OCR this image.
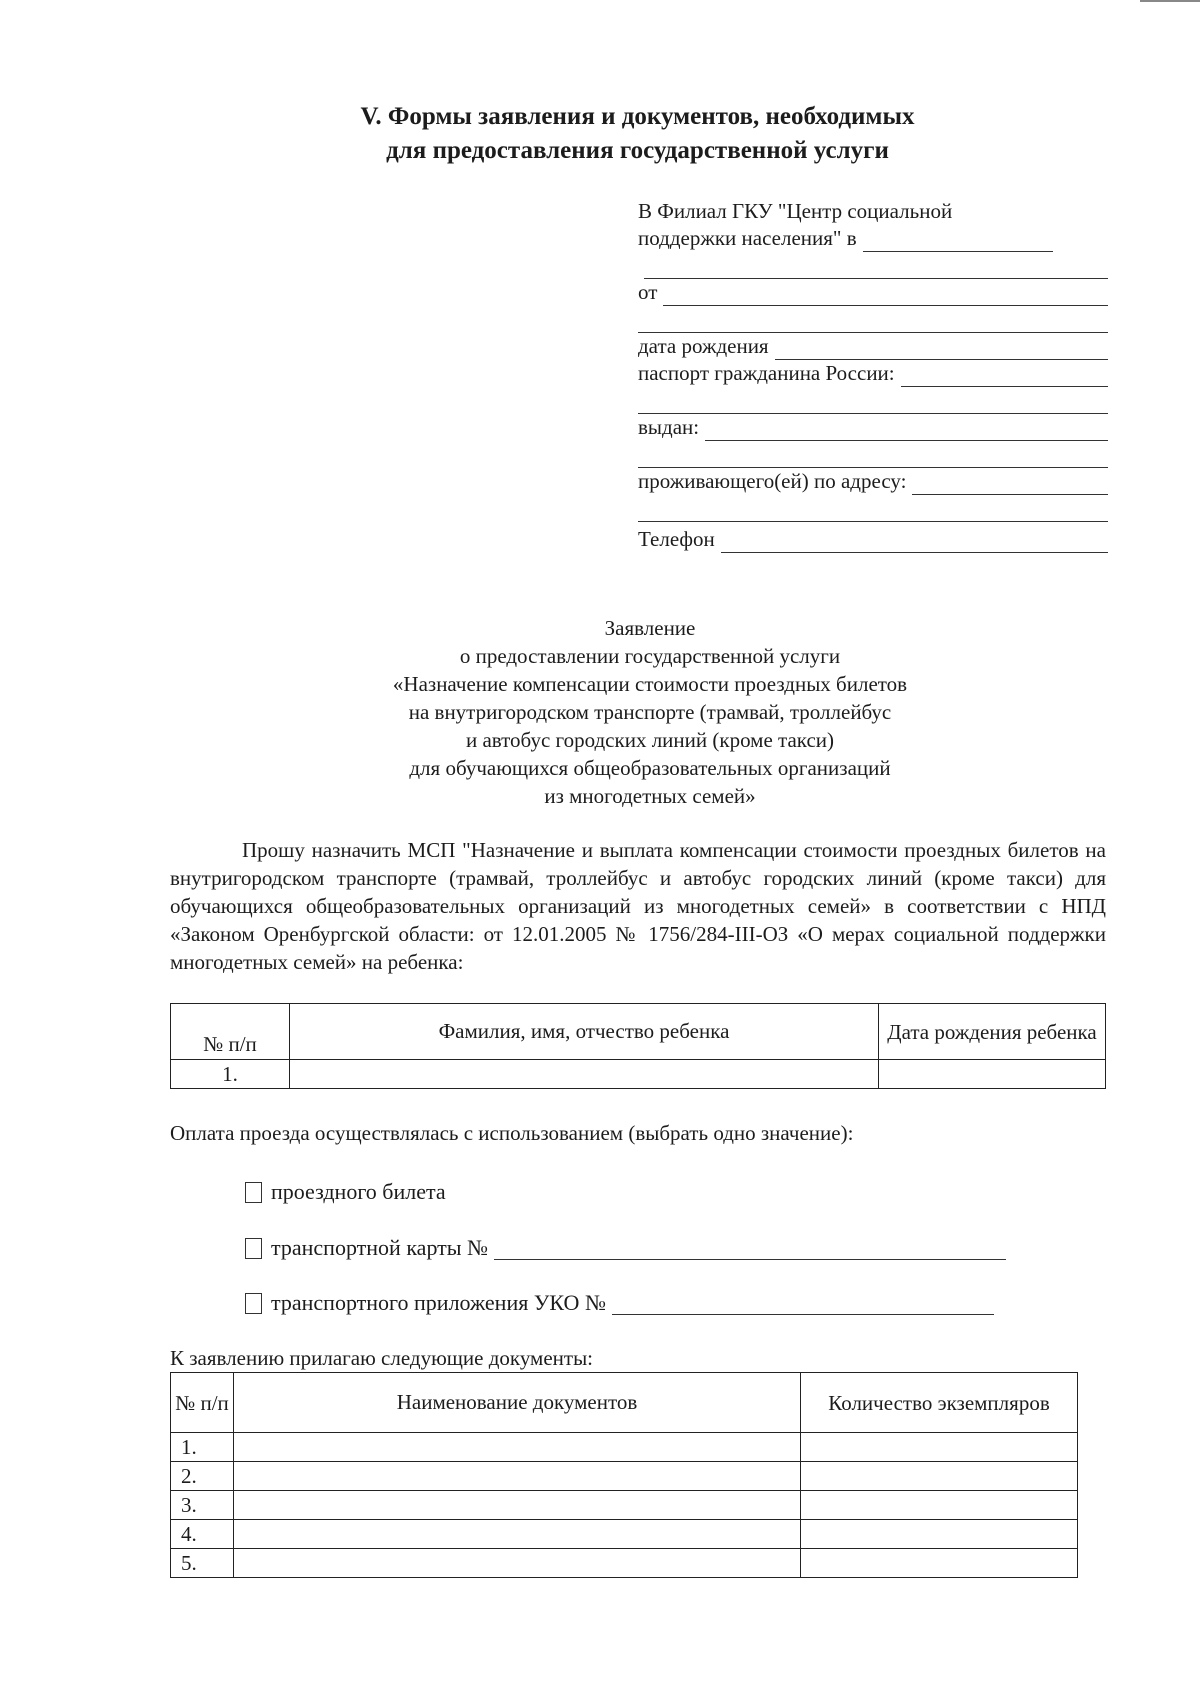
V. Формы заявления и документов, необходимых
для предоставления государственной услуги
В Филиал ГКУ "Центр социальной
поддержки населения" в
от
дата рождения
паспорт гражданина России:
выдан:
проживающего(ей) по адресу:
Телефон
Заявление
о предоставлении государственной услуги
«Назначение компенсации стоимости проездных билетов
на внутригородском транспорте (трамвай, троллейбус
и автобус городских линий (кроме такси)
для обучающихся общеобразовательных организаций
из многодетных семей»
Прошу назначить МСП "Назначение и выплата компенсации стоимости проездных билетов на внутригородском транспорте (трамвай, троллейбус и автобус городских линий (кроме такси) для обучающихся общеобразовательных организаций из многодетных семей» в соответствии с НПД «Законом Оренбургской области: от 12.01.2005 № 1756/284-III-ОЗ «О мерах социальной поддержки многодетных семей» на ребенка:
№ п/п	Фамилия, имя, отчество ребенка	Дата рождения ребенка
1.		
Оплата проезда осуществлялась с использованием (выбрать одно значение):
проездного билета
транспортной карты №
транспортного приложения УКО №
К заявлению прилагаю следующие документы:
№ п/п	Наименование документов	Количество экземпляров
1.		
2.		
3.		
4.		
5.		
